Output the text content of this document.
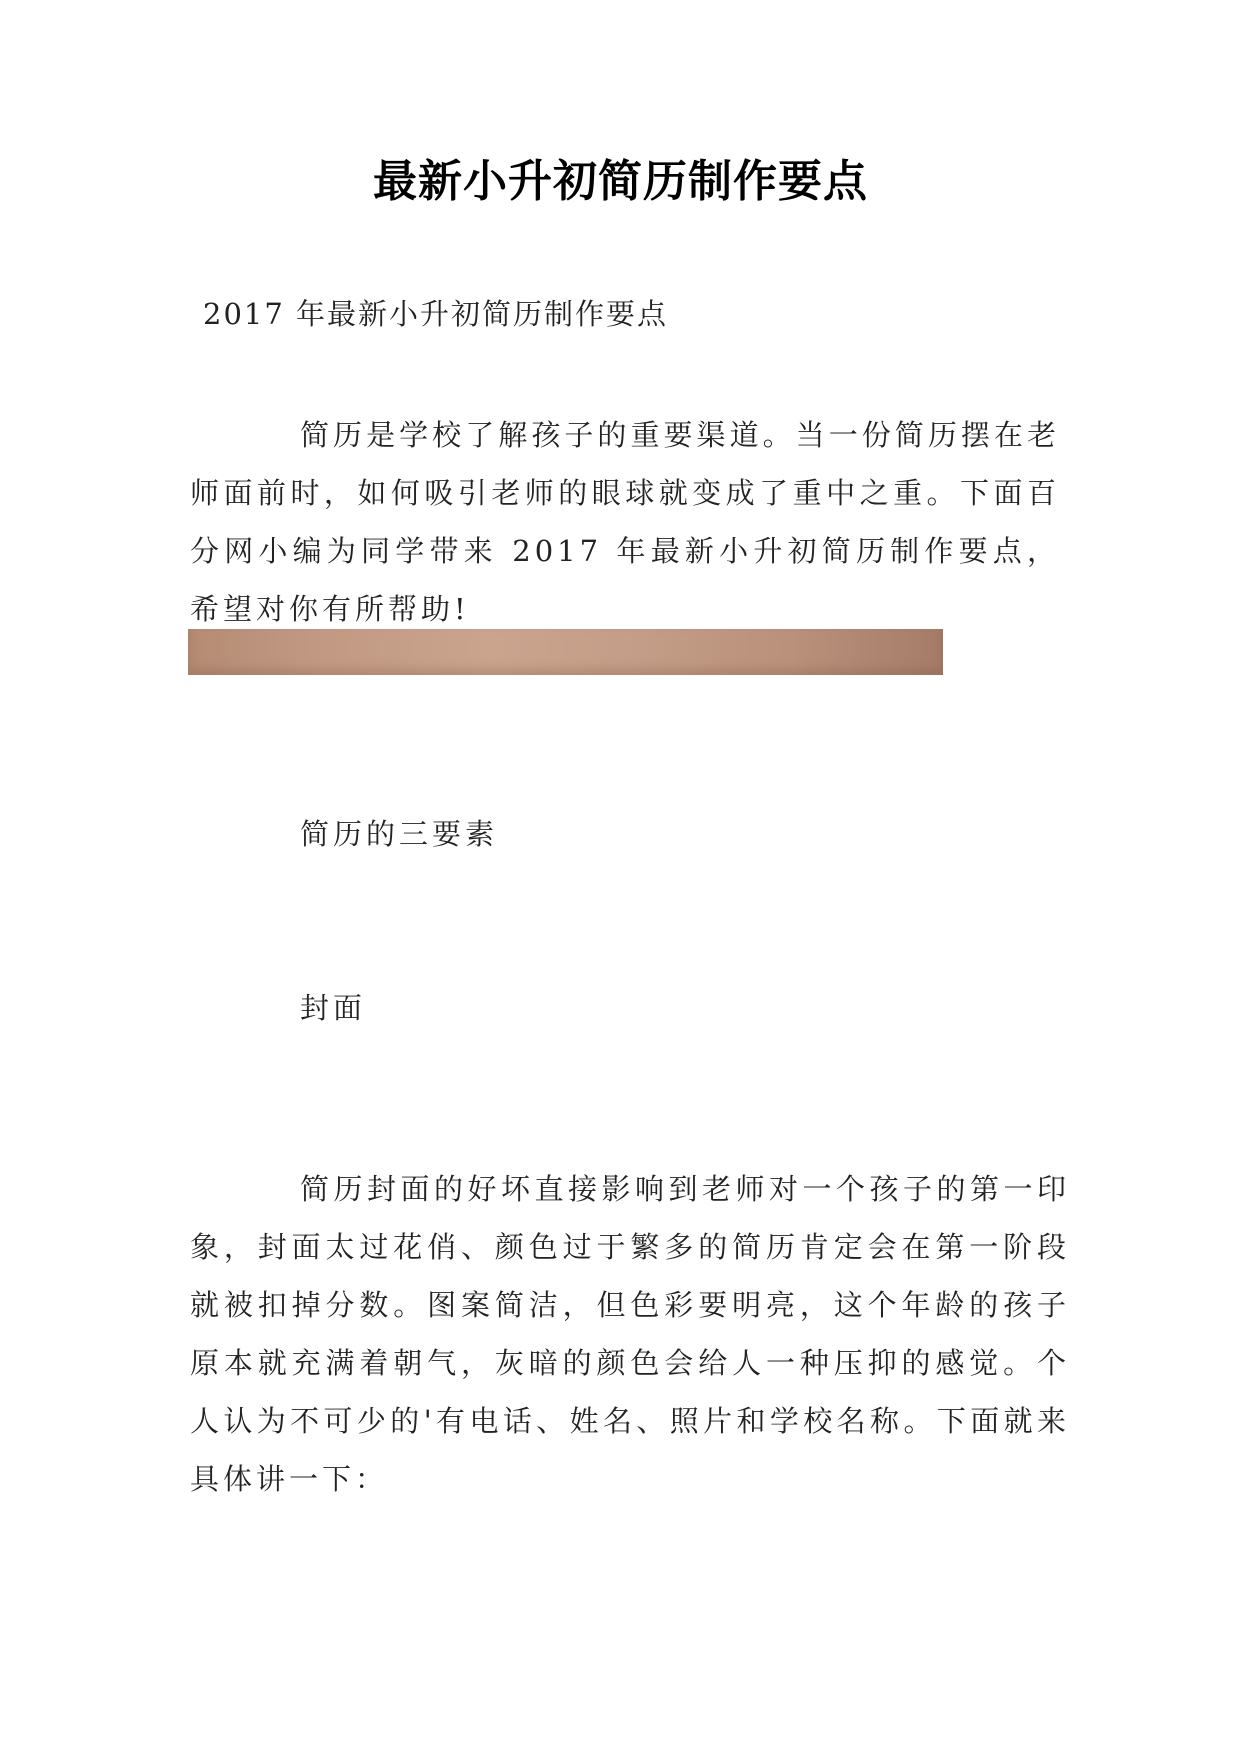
最新小升初简历制作要点
2017 年最新小升初简历制作要点
简历是学校了解孩子的重要渠道。当一份简历摆在老师面前时，如何吸引老师的眼球就变成了重中之重。下面百分网小编为同学带来 2017 年最新小升初简历制作要点，希望对你有所帮助!
简历的三要素
封面
简历封面的好坏直接影响到老师对一个孩子的第一印象，封面太过花俏、颜色过于繁多的简历肯定会在第一阶段就被扣掉分数。图案简洁，但色彩要明亮，这个年龄的孩子原本就充满着朝气，灰暗的颜色会给人一种压抑的感觉。个人认为不可少的'有电话、姓名、照片和学校名称。下面就来具体讲一下：
